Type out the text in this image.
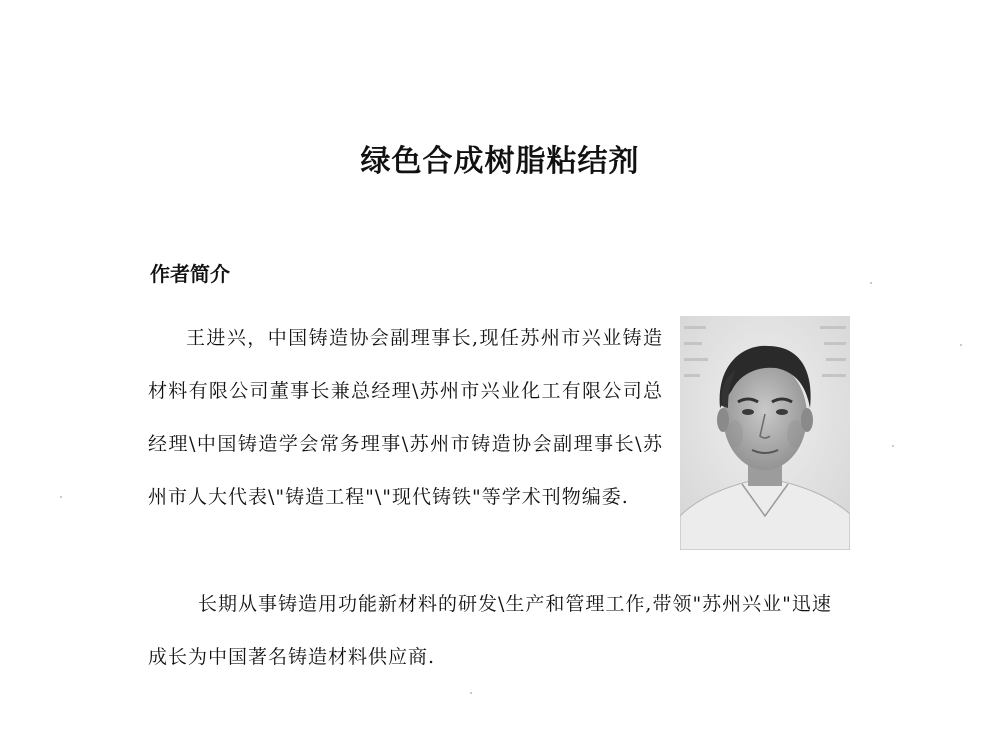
绿色合成树脂粘结剂
作者简介

王进兴，中国铸造协会副理事长,现任苏州市兴业铸造材料有限公司董事长兼总经理\苏州市兴业化工有限公司总经理\中国铸造学会常务理事\苏州市铸造协会副理事长\苏州市人大代表\"铸造工程"\"现代铸铁"等学术刊物编委.

长期从事铸造用功能新材料的研发\生产和管理工作,带领"苏州兴业"迅速成长为中国著名铸造材料供应商.
